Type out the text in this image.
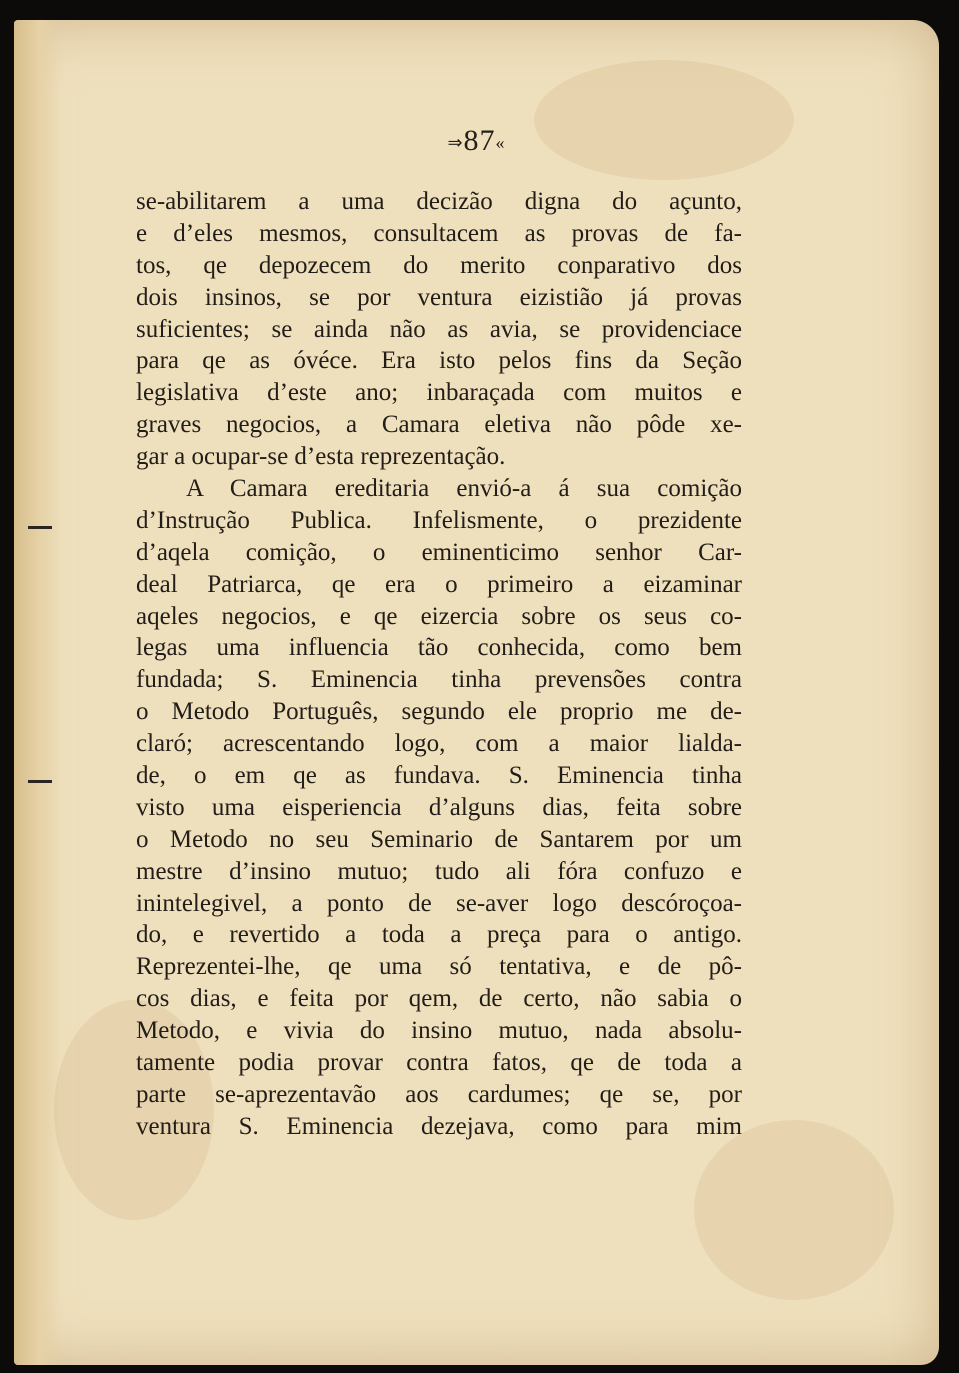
⇒87«
se-abilitarem a uma decizão digna do açunto,
e d’eles mesmos, consultacem as provas de fa-
tos, qe depozecem do merito conparativo dos
dois insinos, se por ventura eizistião já provas
suficientes; se ainda não as avia, se providenciace
para qe as óvéce. Era isto pelos fins da Seção
legislativa d’este ano; inbaraçada com muitos e
graves negocios, a Camara eletiva não pôde xe-
gar a ocupar-se d’esta reprezentação.
A Camara ereditaria envió-a á sua comição
d’Instrução Publica. Infelismente, o prezidente
d’aqela comição, o eminenticimo senhor Car-
deal Patriarca, qe era o primeiro a eizaminar
aqeles negocios, e qe eizercia sobre os seus co-
legas uma influencia tão conhecida, como bem
fundada; S. Eminencia tinha prevensões contra
o Metodo Português, segundo ele proprio me de-
claró; acrescentando logo, com a maior lialda-
de, o em qe as fundava. S. Eminencia tinha
visto uma eisperiencia d’alguns dias, feita sobre
o Metodo no seu Seminario de Santarem por um
mestre d’insino mutuo; tudo ali fóra confuzo e
inintelegivel, a ponto de se-aver logo descóroçoa-
do, e revertido a toda a preça para o antigo.
Reprezentei-lhe, qe uma só tentativa, e de pô-
cos dias, e feita por qem, de certo, não sabia o
Metodo, e vivia do insino mutuo, nada absolu-
tamente podia provar contra fatos, qe de toda a
parte se-aprezentavão aos cardumes; qe se, por
ventura S. Eminencia dezejava, como para mim
